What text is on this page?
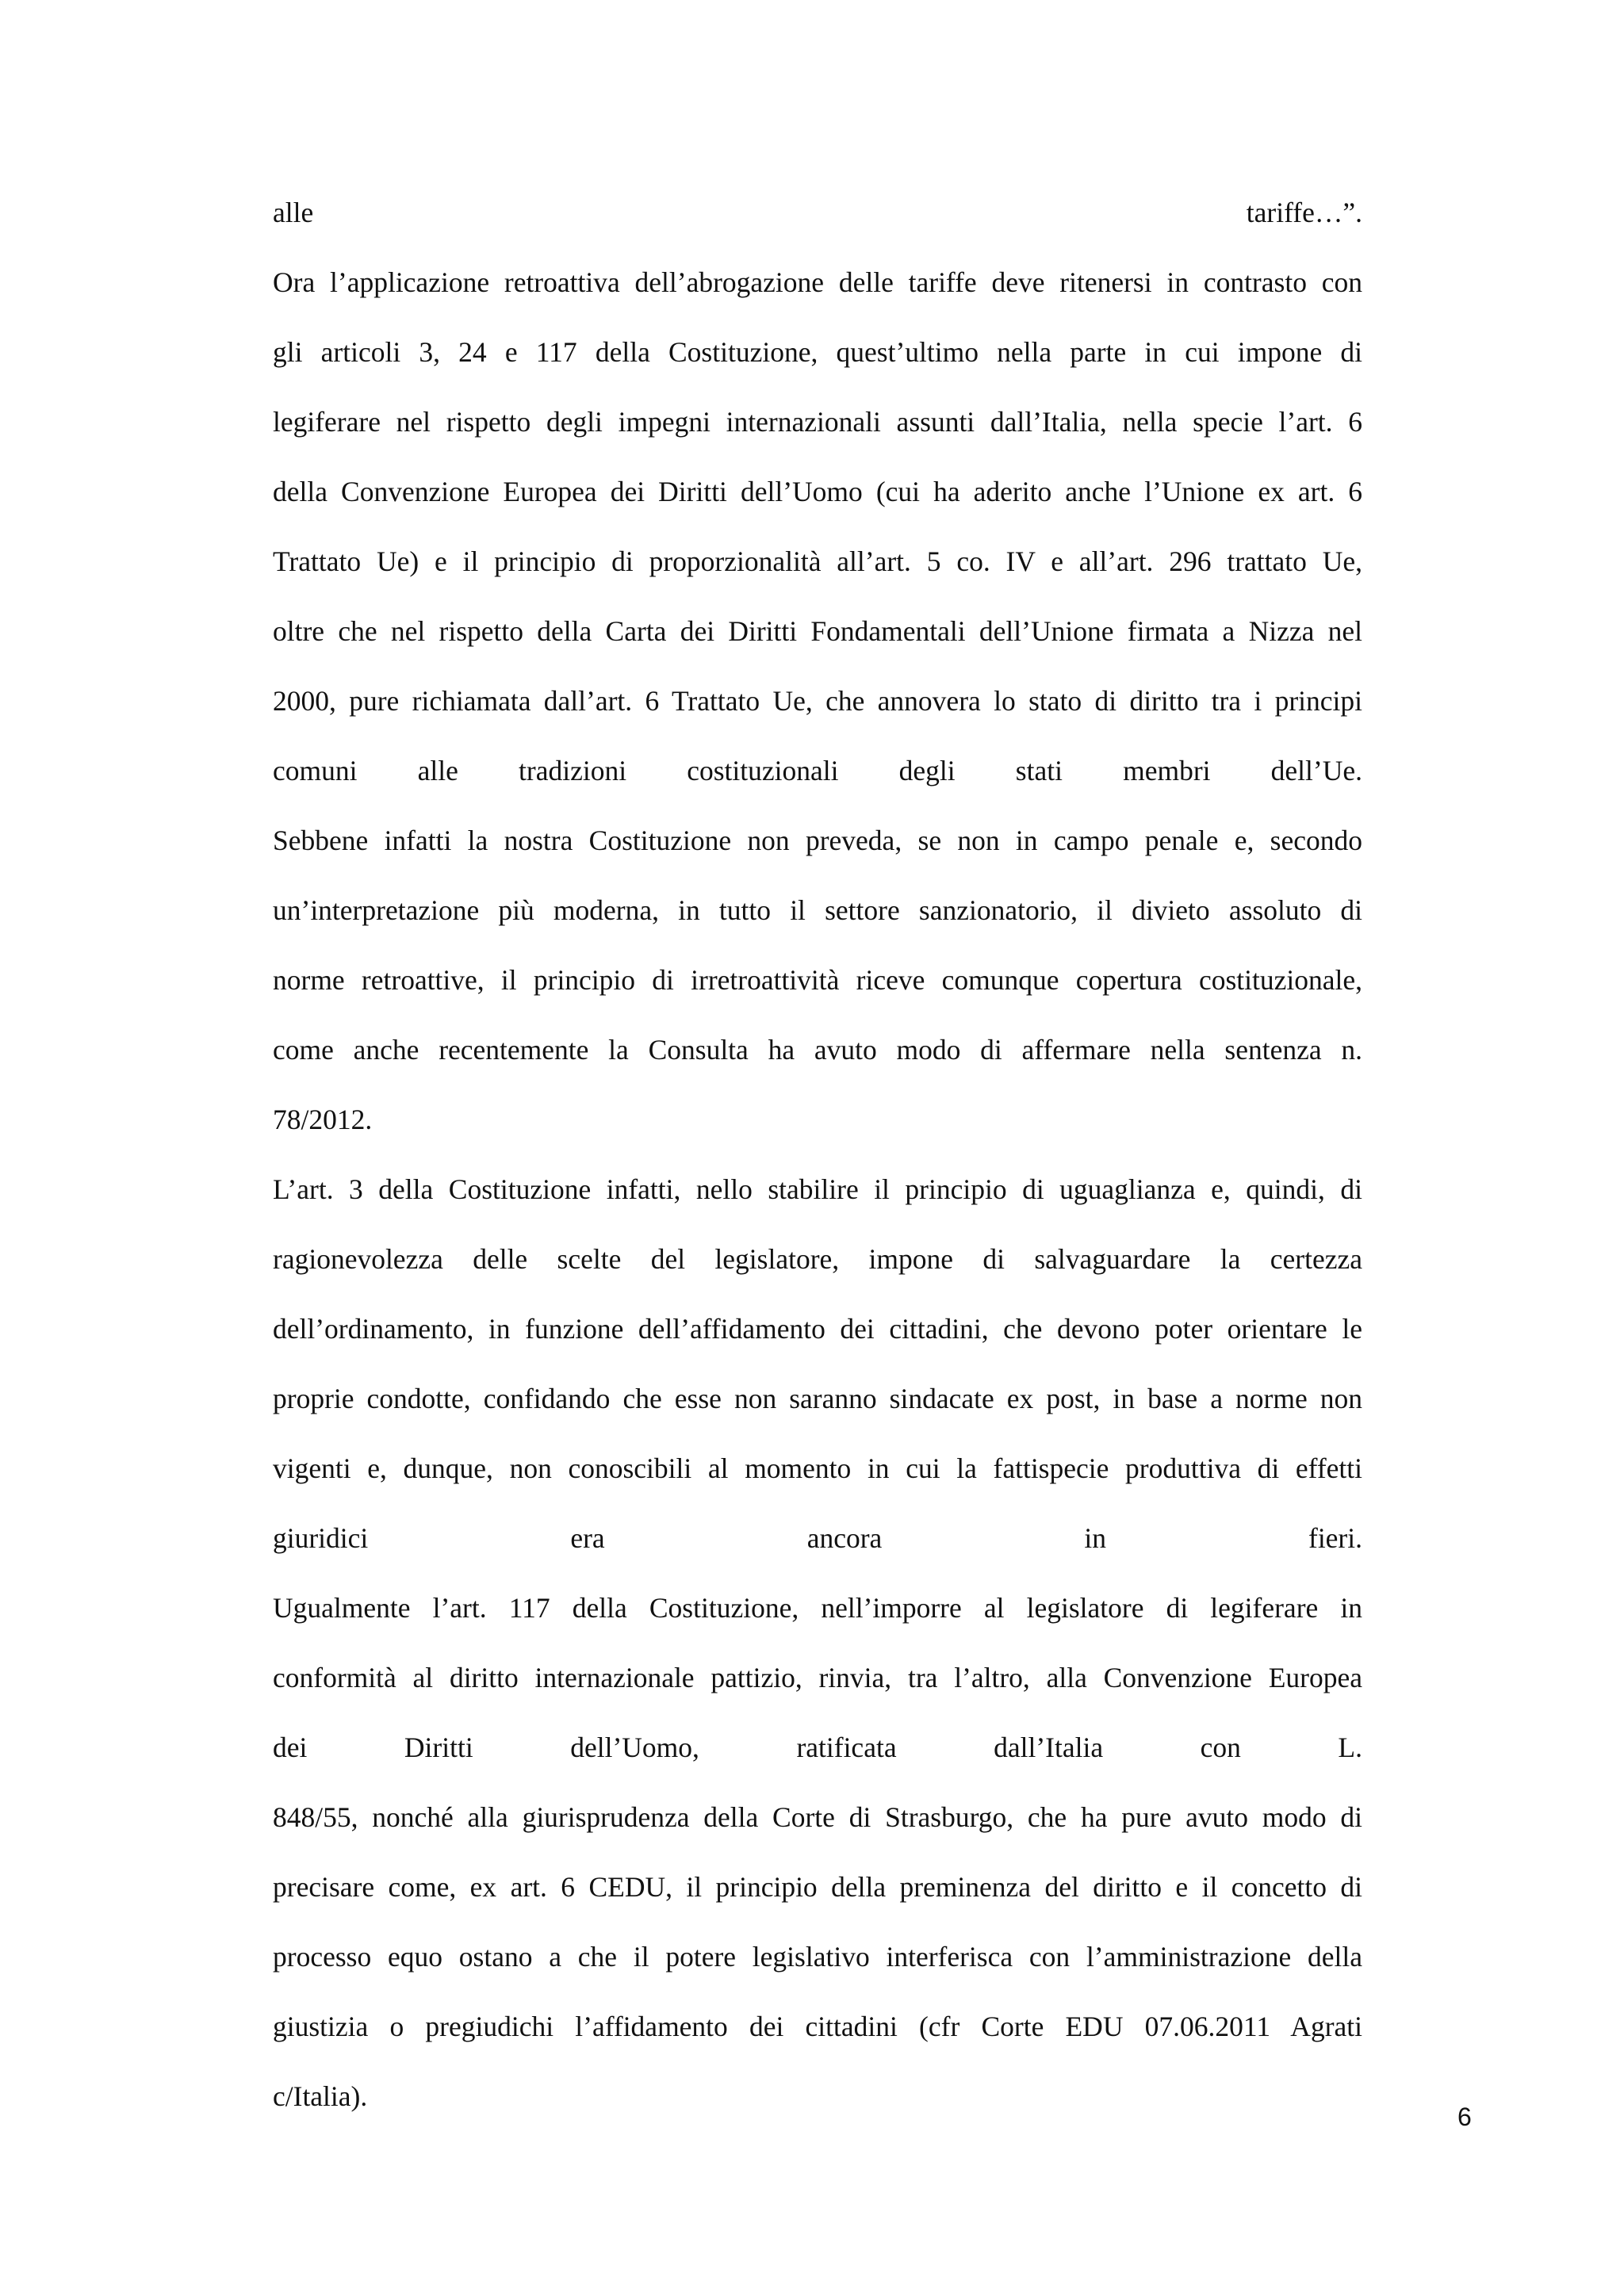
alle tariffe…”.
Ora l’applicazione retroattiva dell’abrogazione delle tariffe deve ritenersi in contrasto con
gli articoli 3, 24 e 117 della Costituzione, quest’ultimo nella parte in cui impone di
legiferare nel rispetto degli impegni internazionali assunti dall’Italia, nella specie l’art. 6
della Convenzione Europea dei Diritti dell’Uomo (cui ha aderito anche l’Unione ex art. 6
Trattato Ue) e il principio di proporzionalità all’art. 5 co. IV e all’art. 296 trattato Ue,
oltre che nel rispetto della Carta dei Diritti Fondamentali dell’Unione firmata a Nizza nel
2000, pure richiamata dall’art. 6 Trattato Ue, che annovera lo stato di diritto tra i principi
comuni alle tradizioni costituzionali degli stati membri dell’Ue.
Sebbene infatti la nostra Costituzione non preveda, se non in campo penale e, secondo
un’interpretazione più moderna, in tutto il settore sanzionatorio, il divieto assoluto di
norme retroattive, il principio di irretroattività riceve comunque copertura costituzionale,
come anche recentemente la Consulta ha avuto modo di affermare nella sentenza n.
78/2012.
L’art. 3 della Costituzione infatti, nello stabilire il principio di uguaglianza e, quindi, di
ragionevolezza delle scelte del legislatore, impone di salvaguardare la certezza
dell’ordinamento, in funzione dell’affidamento dei cittadini, che devono poter orientare le
proprie condotte, confidando che esse non saranno sindacate ex post, in base a norme non
vigenti e, dunque, non conoscibili al momento in cui la fattispecie produttiva di effetti
giuridici era ancora in fieri.
Ugualmente l’art. 117 della Costituzione, nell’imporre al legislatore di legiferare in
conformità al diritto internazionale pattizio, rinvia, tra l’altro, alla Convenzione Europea
dei Diritti dell’Uomo, ratificata dall’Italia con L.
848/55, nonché alla giurisprudenza della Corte di Strasburgo, che ha pure avuto modo di
precisare come, ex art. 6 CEDU, il principio della preminenza del diritto e il concetto di
processo equo ostano a che il potere legislativo interferisca con l’amministrazione della
giustizia o pregiudichi l’affidamento dei cittadini (cfr Corte EDU 07.06.2011 Agrati
c/Italia).
6
